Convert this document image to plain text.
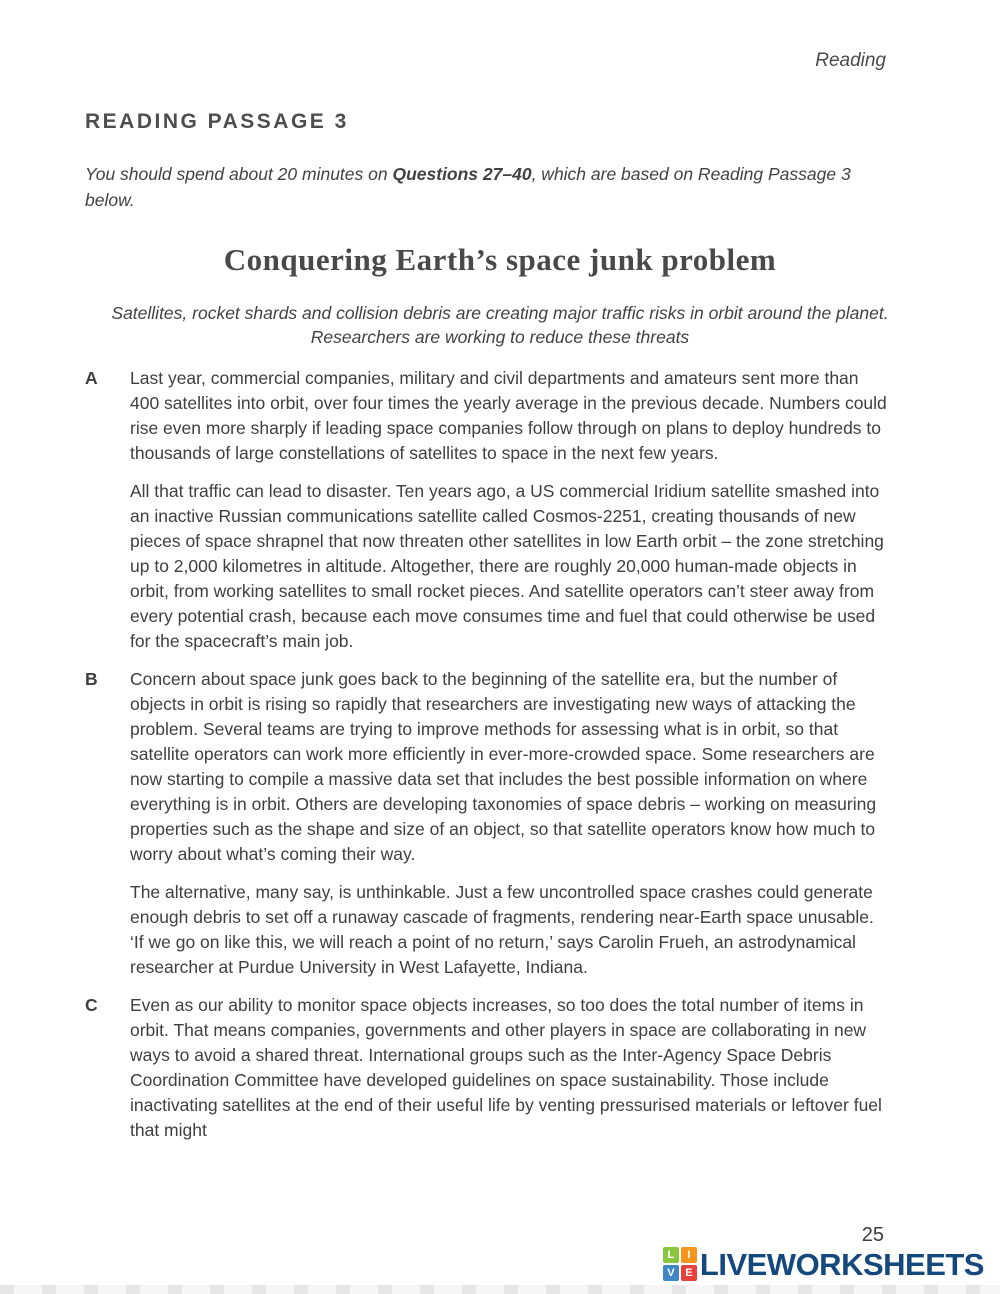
Reading
READING PASSAGE 3

You should spend about 20 minutes on Questions 27–40, which are based on Reading Passage 3 below.

Conquering Earth’s space junk problem

Satellites, rocket shards and collision debris are creating major traffic risks in orbit around the planet. Researchers are working to reduce these threats

A	Last year, commercial companies, military and civil departments and amateurs sent more than 400 satellites into orbit, over four times the yearly average in the previous decade. Numbers could rise even more sharply if leading space companies follow through on plans to deploy hundreds to thousands of large constellations of satellites to space in the next few years.

All that traffic can lead to disaster. Ten years ago, a US commercial Iridium satellite smashed into an inactive Russian communications satellite called Cosmos-2251, creating thousands of new pieces of space shrapnel that now threaten other satellites in low Earth orbit – the zone stretching up to 2,000 kilometres in altitude. Altogether, there are roughly 20,000 human-made objects in orbit, from working satellites to small rocket pieces. And satellite operators can’t steer away from every potential crash, because each move consumes time and fuel that could otherwise be used for the spacecraft’s main job.

B	Concern about space junk goes back to the beginning of the satellite era, but the number of objects in orbit is rising so rapidly that researchers are investigating new ways of attacking the problem. Several teams are trying to improve methods for assessing what is in orbit, so that satellite operators can work more efficiently in ever-more-crowded space. Some researchers are now starting to compile a massive data set that includes the best possible information on where everything is in orbit. Others are developing taxonomies of space debris – working on measuring properties such as the shape and size of an object, so that satellite operators know how much to worry about what’s coming their way.

The alternative, many say, is unthinkable. Just a few uncontrolled space crashes could generate enough debris to set off a runaway cascade of fragments, rendering near-Earth space unusable. ‘If we go on like this, we will reach a point of no return,’ says Carolin Frueh, an astrodynamical researcher at Purdue University in West Lafayette, Indiana.

C	Even as our ability to monitor space objects increases, so too does the total number of items in orbit. That means companies, governments and other players in space are collaborating in new ways to avoid a shared threat. International groups such as the Inter-Agency Space Debris Coordination Committee have developed guidelines on space sustainability. Those include inactivating satellites at the end of their useful life by venting pressurised materials or leftover fuel that might

25
L	I
V E LIVEWORKSHEETS
